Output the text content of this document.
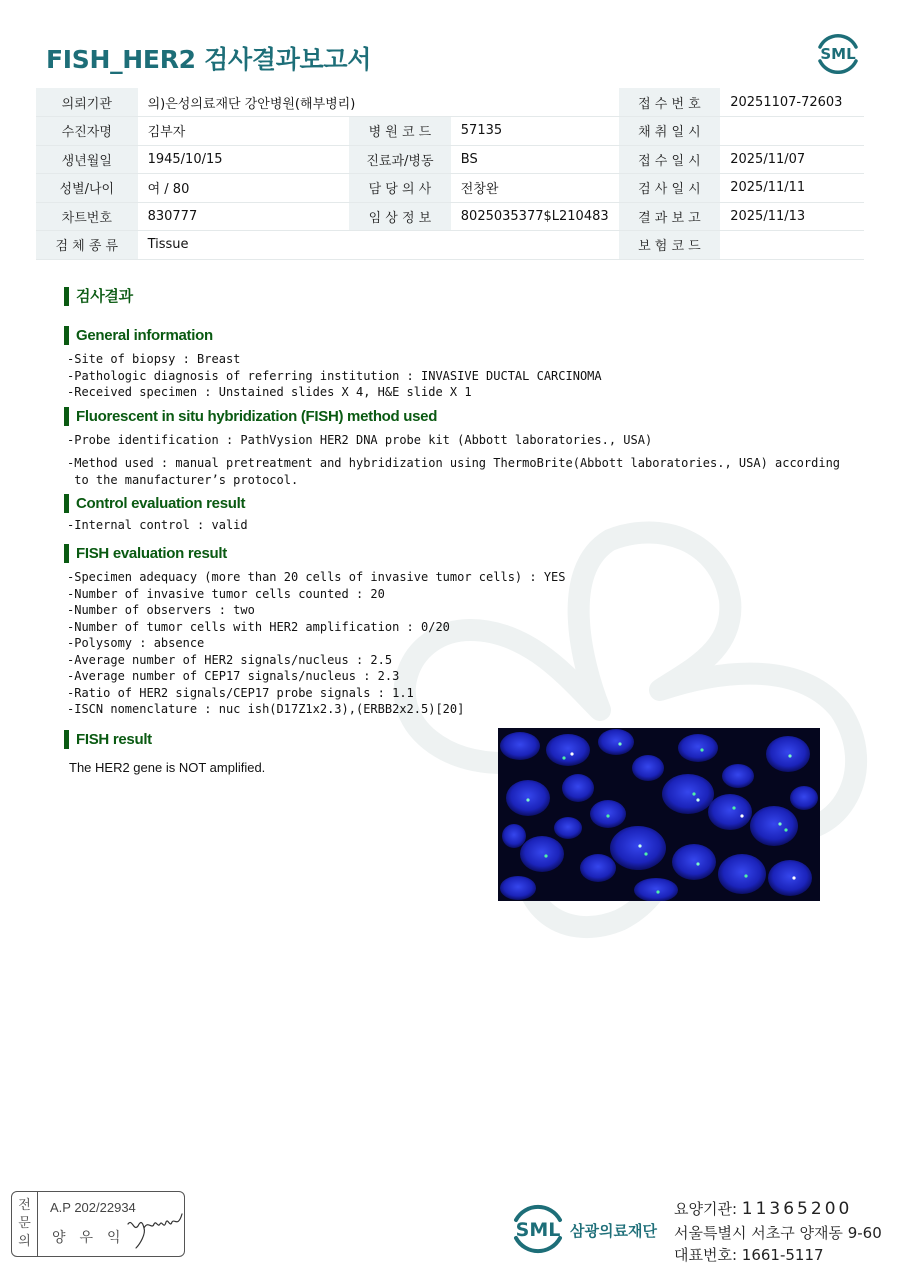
FISH_HER2 검사결과보고서	SML
의뢰기관	의)은성의료재단 강안병원(해부병리)			접 수 번 호	20251107-72603
수진자명	김부자	병 원 코 드	57135	채 취 일 시	
생년월일	1945/10/15	진료과/병동	BS	접 수 일 시	2025/11/07
성별/나이	여 / 80	담 당 의 사	전창완	검 사 일 시	2025/11/11
차트번호	830777	임 상 정 보	8025035377$L210483	결 과 보 고	2025/11/13
검 체 종 류	Tissue			보 험 코 드	
검사결과
General information
-Site of biopsy : Breast
-Pathologic diagnosis of referring institution : INVASIVE DUCTAL CARCINOMA
-Received specimen : Unstained slides X 4, H&E slide X 1
Fluorescent in situ hybridization (FISH) method used
-Probe identification : PathVysion HER2 DNA probe kit (Abbott laboratories., USA)
-Method used : manual pretreatment and hybridization using ThermoBrite(Abbott laboratories., USA) according
to the manufacturer’s protocol.
Control evaluation result
-Internal control : valid
FISH evaluation result
-Specimen adequacy (more than 20 cells of invasive tumor cells) : YES
-Number of invasive tumor cells counted : 20
-Number of observers : two
-Number of tumor cells with HER2 amplification : 0/20
-Polysomy : absence
-Average number of HER2 signals/nucleus : 2.5
-Average number of CEP17 signals/nucleus : 2.3
-Ratio of HER2 signals/CEP17 probe signals : 1.1
-ISCN nomenclature : nuc ish(D17Z1x2.3),(ERBB2x2.5)[20]
FISH result
The HER2 gene is NOT amplified.
전
문
의
A.P 202/22934
양우익	SML 삼광의료재단
요양기관: 11365200
서울특별시 서초구 양재동 9-60
대표번호: 1661-5117
